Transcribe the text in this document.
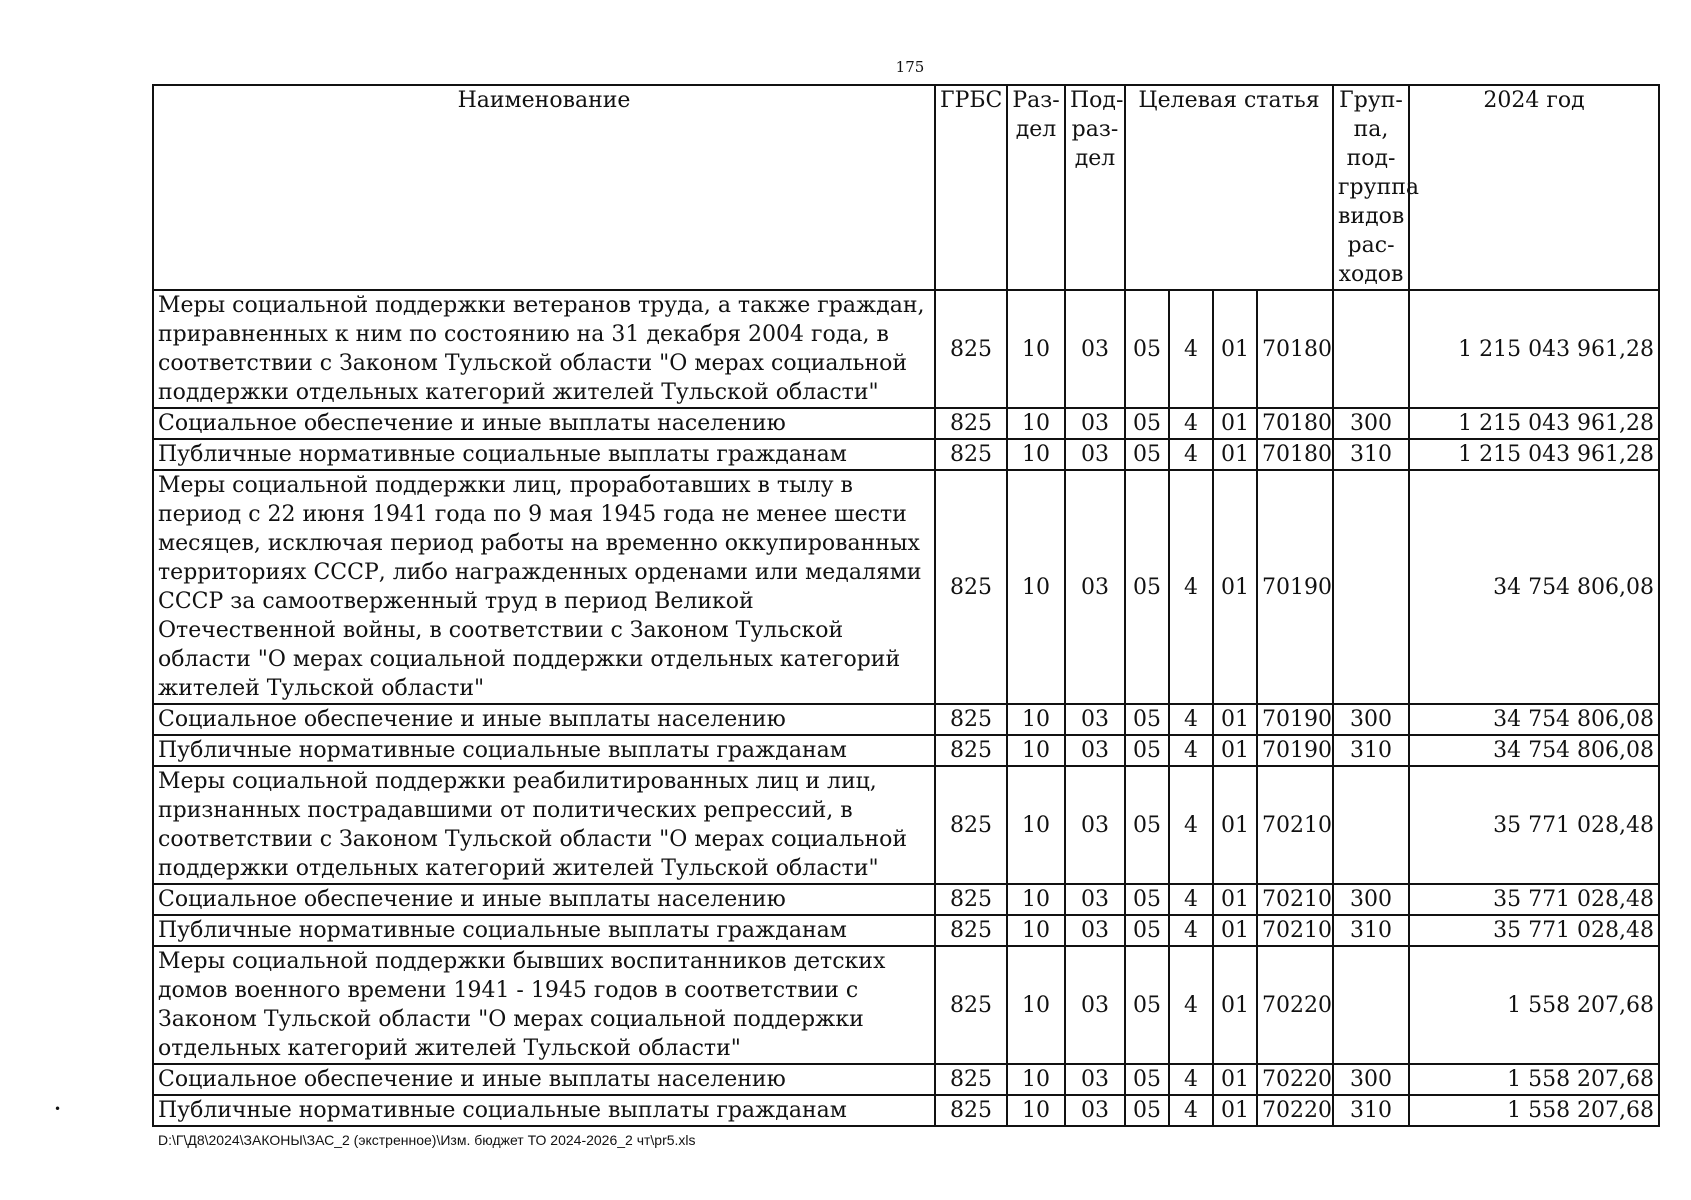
175
Наименование	ГРБС	Раз-дел	Под-раз-дел	Целевая статья				Груп-па, под-группа видов рас-ходов	2024 год
Меры социальной поддержки ветеранов труда, а также граждан, приравненных к ним по состоянию на 31 декабря 2004 года, в соответствии с Законом Тульской области "О мерах социальной поддержки отдельных категорий жителей Тульской области"	825	10	03	05	4	01	70180		1 215 043 961,28
Социальное обеспечение и иные выплаты населению	825	10	03	05	4	01	70180	300	1 215 043 961,28
Публичные нормативные социальные выплаты гражданам	825	10	03	05	4	01	70180	310	1 215 043 961,28
Меры социальной поддержки лиц, проработавших в тылу в период с 22 июня 1941 года по 9 мая 1945 года не менее шести месяцев, исключая период работы на временно оккупированных территориях СССР, либо награжденных орденами или медалями СССР за самоотверженный труд в период Великой Отечественной войны, в соответствии с Законом Тульской области "О мерах социальной поддержки отдельных категорий жителей Тульской области"	825	10	03	05	4	01	70190		34 754 806,08
Социальное обеспечение и иные выплаты населению	825	10	03	05	4	01	70190	300	34 754 806,08
Публичные нормативные социальные выплаты гражданам	825	10	03	05	4	01	70190	310	34 754 806,08
Меры социальной поддержки реабилитированных лиц и лиц, признанных пострадавшими от политических репрессий, в соответствии с Законом Тульской области "О мерах социальной поддержки отдельных категорий жителей Тульской области"	825	10	03	05	4	01	70210		35 771 028,48
Социальное обеспечение и иные выплаты населению	825	10	03	05	4	01	70210	300	35 771 028,48
Публичные нормативные социальные выплаты гражданам	825	10	03	05	4	01	70210	310	35 771 028,48
Меры социальной поддержки бывших воспитанников детских домов военного времени 1941 - 1945 годов в соответствии с Законом Тульской области "О мерах социальной поддержки отдельных категорий жителей Тульской области"	825	10	03	05	4	01	70220		1 558 207,68
Социальное обеспечение и иные выплаты населению	825	10	03	05	4	01	70220	300	1 558 207,68
Публичные нормативные социальные выплаты гражданам	825	10	03	05	4	01	70220	310	1 558 207,68
•
D:\Г\Д8\2024\ЗАКОНЫ\ЗАС_2 (экстренное)\Изм. бюджет ТО 2024-2026_2 чт\pr5.xls
